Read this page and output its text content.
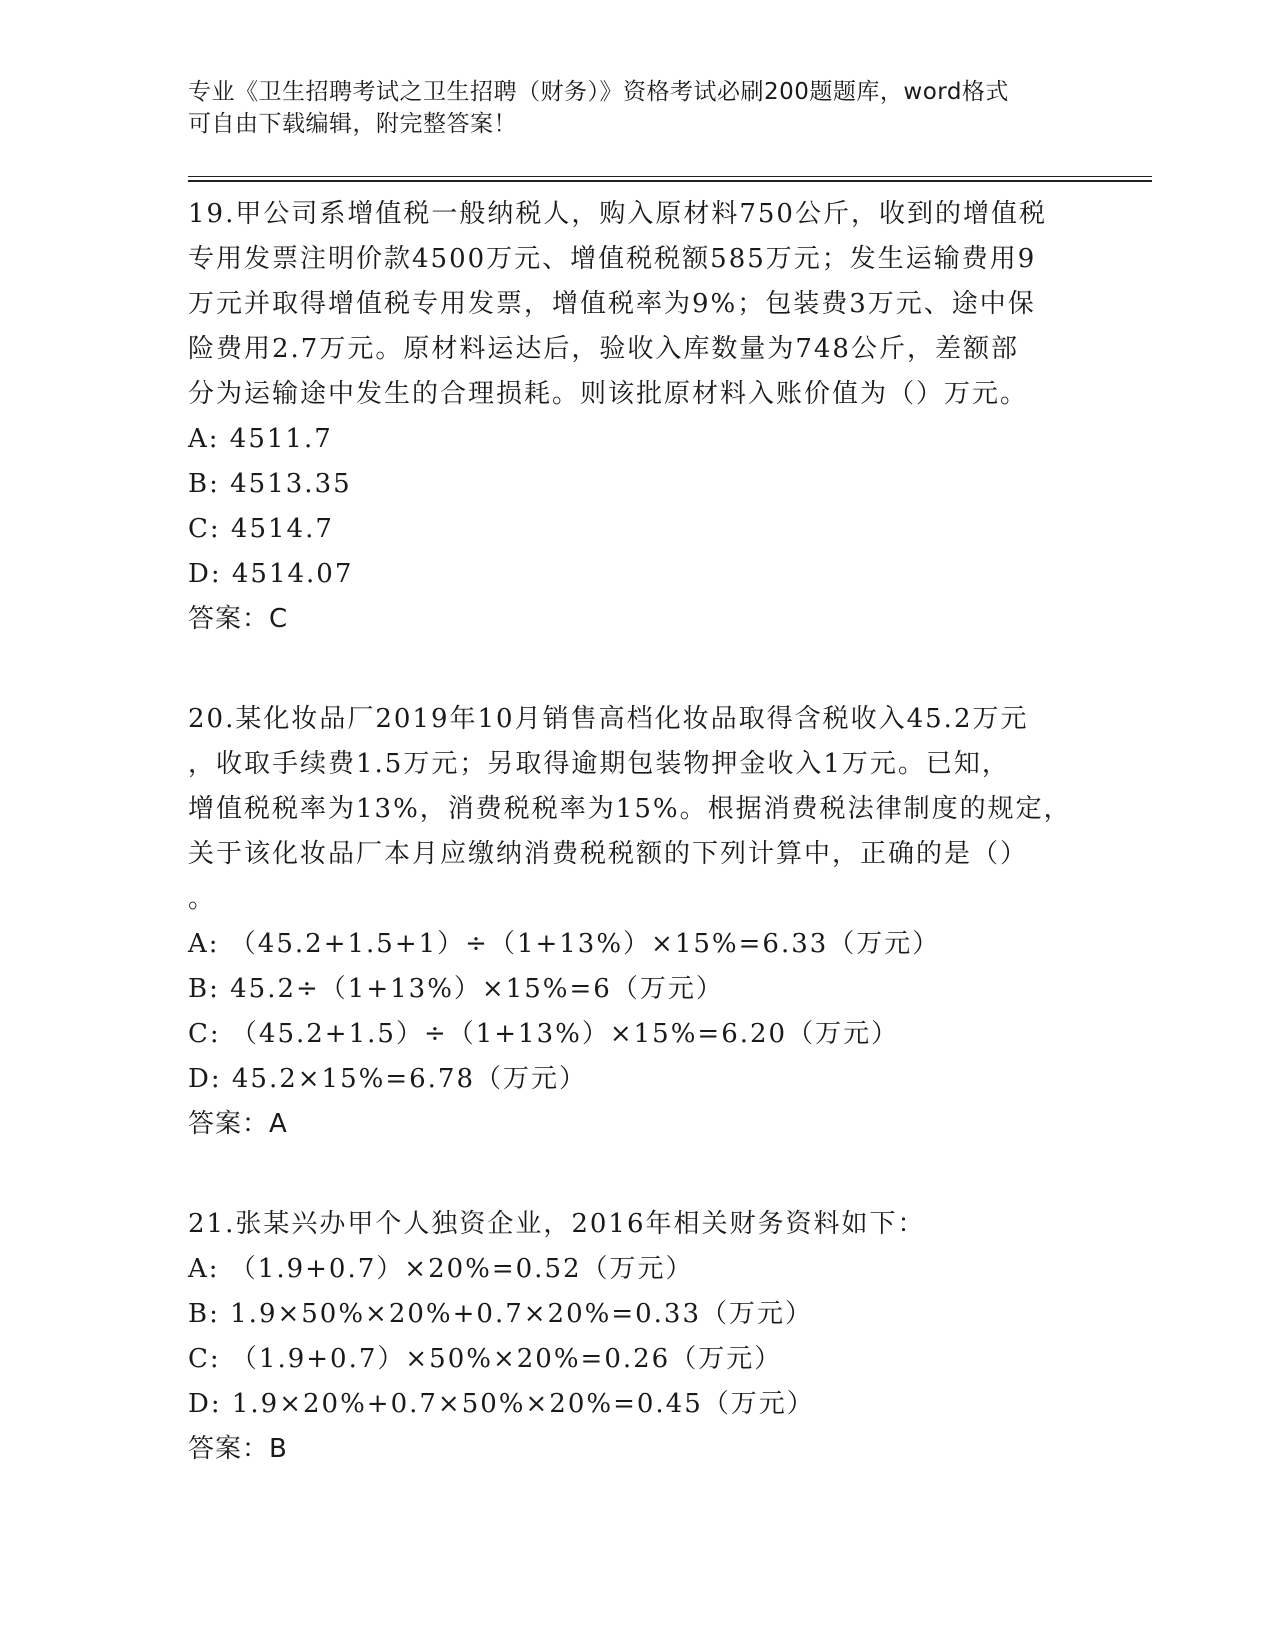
专业《卫生招聘考试之卫生招聘（财务）》资格考试必刷200题题库，word格式
可自由下载编辑，附完整答案！

19.甲公司系增值税一般纳税人，购入原材料750公斤，收到的增值税

专用发票注明价款4500万元、增值税税额585万元；发生运输费用9

万元并取得增值税专用发票，增值税率为9%；包装费3万元、途中保

险费用2.7万元。原材料运达后，验收入库数量为748公斤，差额部

分为运输途中发生的合理损耗。则该批原材料入账价值为（）万元。

A: 4511.7

B: 4513.35

C: 4514.7

D: 4514.07

答案：C

20.某化妆品厂2019年10月销售高档化妆品取得含税收入45.2万元

，收取手续费1.5万元；另取得逾期包装物押金收入1万元。已知，

增值税税率为13%，消费税税率为15%。根据消费税法律制度的规定，

关于该化妆品厂本月应缴纳消费税税额的下列计算中，正确的是（）

。

A: （45.2+1.5+1）÷（1+13%）×15%=6.33（万元）

B: 45.2÷（1+13%）×15%=6（万元）

C: （45.2+1.5）÷（1+13%）×15%=6.20（万元）

D: 45.2×15%=6.78（万元）

答案：A

21.张某兴办甲个人独资企业，2016年相关财务资料如下：

A: （1.9+0.7）×20%=0.52（万元）

B: 1.9×50%×20%+0.7×20%=0.33（万元）

C: （1.9+0.7）×50%×20%=0.26（万元）

D: 1.9×20%+0.7×50%×20%=0.45（万元）

答案：B
